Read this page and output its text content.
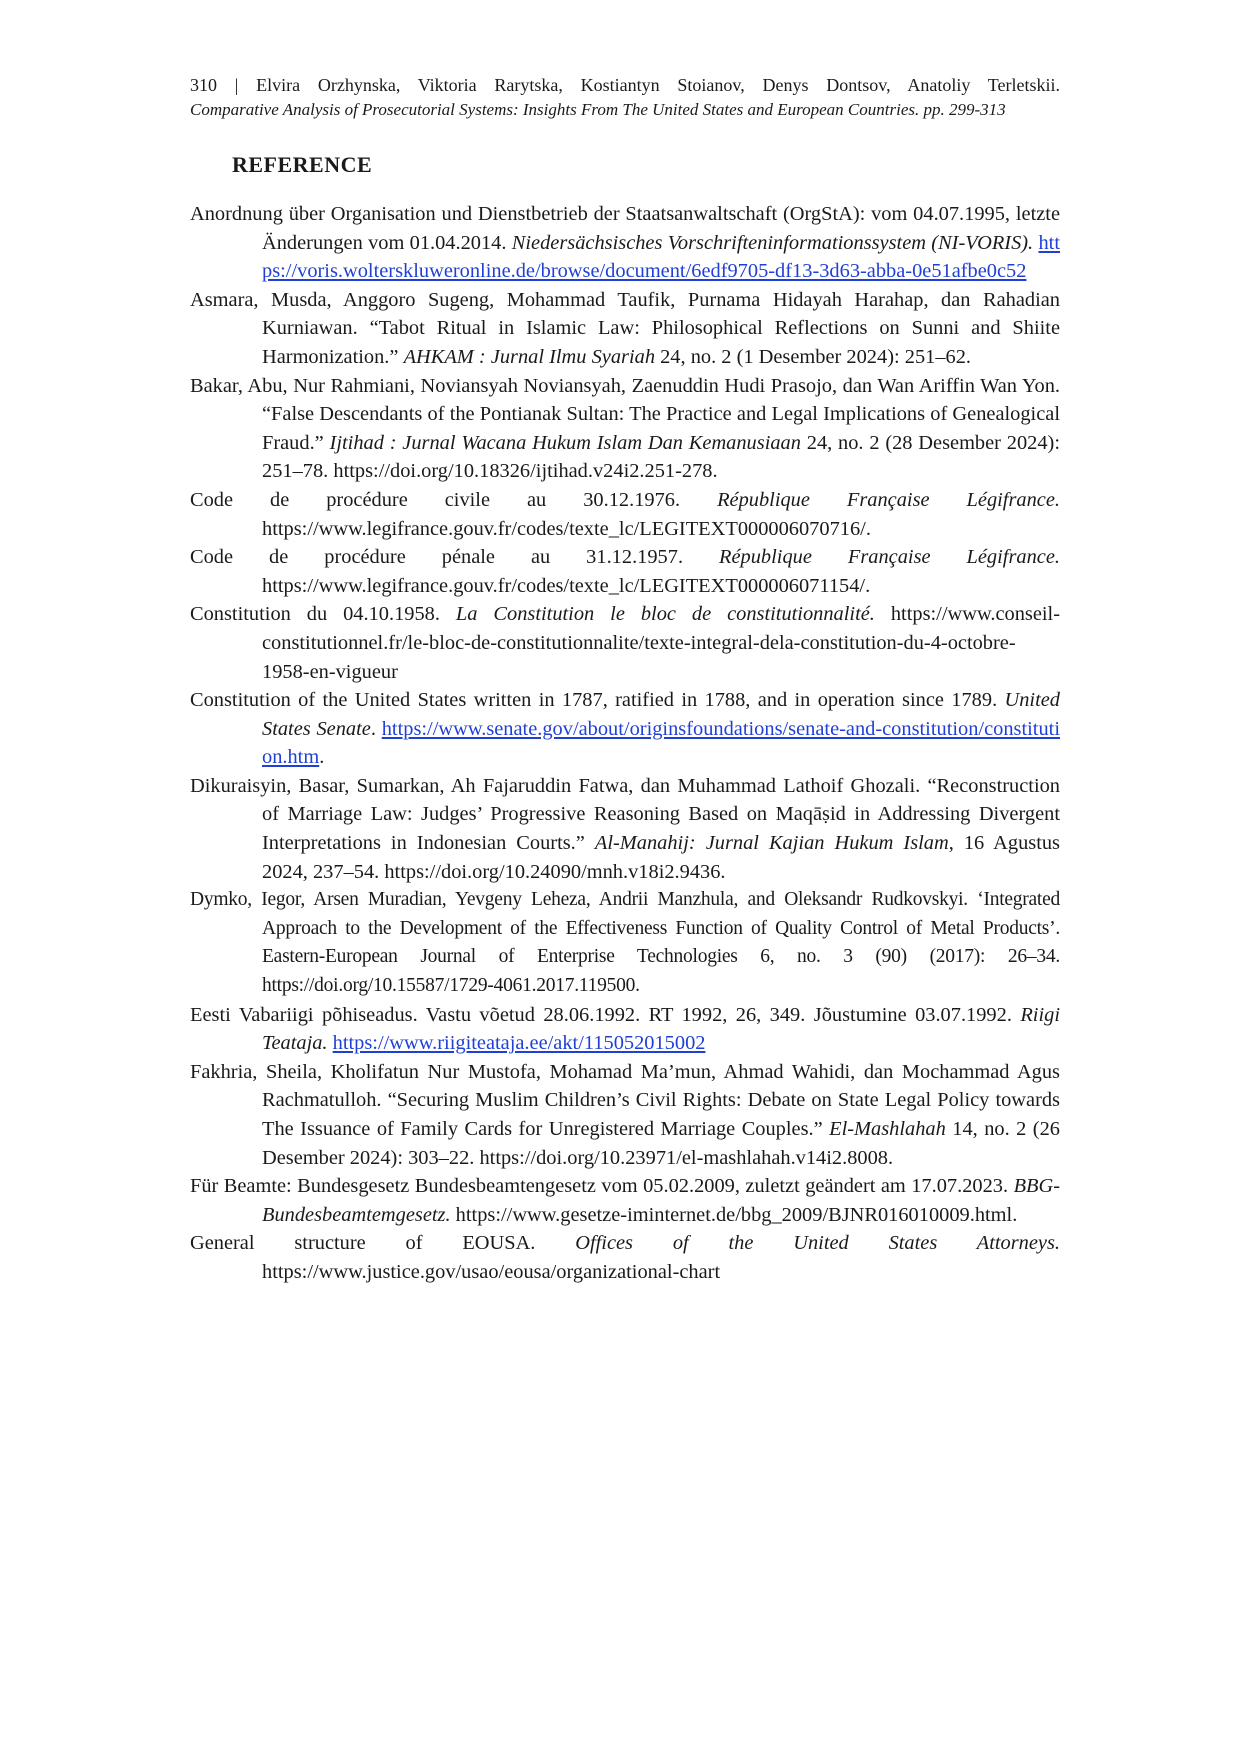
310 | Elvira Orzhynska, Viktoria Rarytska, Kostiantyn Stoianov, Denys Dontsov, Anatoliy Terletskii.
Comparative Analysis of Prosecutorial Systems: Insights From The United States and European Countries. pp. 299-313
REFERENCE

Anordnung über Organisation und Dienstbetrieb der Staatsanwaltschaft (OrgStA): vom 04.07.1995, letzte Änderungen vom 01.04.2014. Niedersächsisches Vorschrifteninformationssystem (NI-VORIS). https://voris.wolterskluweronline.de/browse/document/6edf9705-df13-3d63-abba-0e51afbe0c52

Asmara, Musda, Anggoro Sugeng, Mohammad Taufik, Purnama Hidayah Harahap, dan Rahadian Kurniawan. “Tabot Ritual in Islamic Law: Philosophical Reflections on Sunni and Shiite Harmonization.” AHKAM : Jurnal Ilmu Syariah 24, no. 2 (1 Desember 2024): 251–62.

Bakar, Abu, Nur Rahmiani, Noviansyah Noviansyah, Zaenuddin Hudi Prasojo, dan Wan Ariffin Wan Yon. “False Descendants of the Pontianak Sultan: The Practice and Legal Implications of Genealogical Fraud.” Ijtihad : Jurnal Wacana Hukum Islam Dan Kemanusiaan 24, no. 2 (28 Desember 2024): 251–78. https://doi.org/10.18326/ijtihad.v24i2.251-278.

Code de procédure civile au 30.12.1976. République Française Légifrance. https://www.legifrance.gouv.fr/codes/texte_lc/LEGITEXT000006070716/.

Code de procédure pénale au 31.12.1957. République Française Légifrance. https://www.legifrance.gouv.fr/codes/texte_lc/LEGITEXT000006071154/.

Constitution du 04.10.1958. La Constitution le bloc de constitutionnalité. https://www.conseil-constitutionnel.fr/le-bloc-de-constitutionnalite/texte-integral-dela-constitution-du-4-octobre-1958-en-vigueur

Constitution of the United States written in 1787, ratified in 1788, and in operation since 1789. United States Senate. https://www.senate.gov/about/originsfoundations/senate-and-constitution/constitution.htm.

Dikuraisyin, Basar, Sumarkan, Ah Fajaruddin Fatwa, dan Muhammad Lathoif Ghozali. “Reconstruction of Marriage Law: Judges’ Progressive Reasoning Based on Maqāṣid in Addressing Divergent Interpretations in Indonesian Courts.” Al-Manahij: Jurnal Kajian Hukum Islam, 16 Agustus 2024, 237–54. https://doi.org/10.24090/mnh.v18i2.9436.

Dymko, Iegor, Arsen Muradian, Yevgeny Leheza, Andrii Manzhula, and Oleksandr Rudkovskyi. ‘Integrated Approach to the Development of the Effectiveness Function of Quality Control of Metal Products’. Eastern-European Journal of Enterprise Technologies 6, no. 3 (90) (2017): 26–34. https://doi.org/10.15587/1729-4061.2017.119500.

Eesti Vabariigi põhiseadus. Vastu võetud 28.06.1992. RT 1992, 26, 349. Jõustumine 03.07.1992. Riigi Teataja. https://www.riigiteataja.ee/akt/115052015002

Fakhria, Sheila, Kholifatun Nur Mustofa, Mohamad Ma’mun, Ahmad Wahidi, dan Mochammad Agus Rachmatulloh. “Securing Muslim Children’s Civil Rights: Debate on State Legal Policy towards The Issuance of Family Cards for Unregistered Marriage Couples.” El-Mashlahah 14, no. 2 (26 Desember 2024): 303–22. https://doi.org/10.23971/el-mashlahah.v14i2.8008.

Für Beamte: Bundesgesetz Bundesbeamtengesetz vom 05.02.2009, zuletzt geändert am 17.07.2023. BBG-Bundesbeamtemgesetz. https://www.gesetze-iminternet.de/bbg_2009/BJNR016010009.html.

General structure of EOUSA. Offices of the United States Attorneys. https://www.justice.gov/usao/eousa/organizational-chart
